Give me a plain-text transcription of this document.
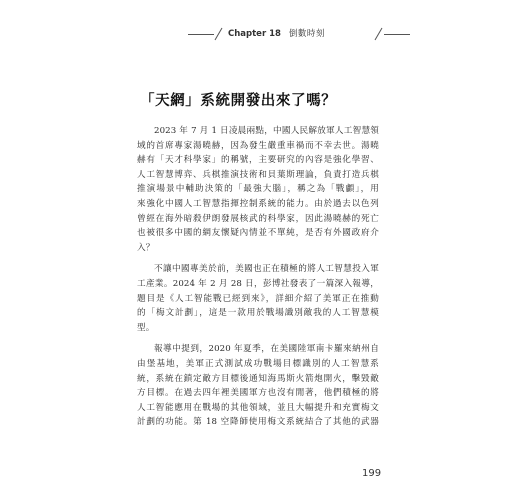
Chapter 18 倒數時刻
「天網」系統開發出來了嗎？

2023 年 7 月 1 日凌晨兩點，中國人民解放軍人工智慧領
域的首席專家湯曉赫，因為發生嚴重車禍而不幸去世。湯曉
赫有「天才科學家」的稱號，主要研究的內容是強化學習、
人工智慧博弈、兵棋推演技術和貝葉斯理論，負責打造兵棋
推演場景中輔助決策的「最強大腦」，稱之為「戰顱」，用
來強化中國人工智慧指揮控制系統的能力。由於過去以色列
曾經在海外暗殺伊朗發展核武的科學家，因此湯曉赫的死亡
也被很多中國的網友懷疑內情並不單純，是否有外國政府介
入？

不讓中國專美於前，美國也正在積極的將人工智慧投入軍
工產業。2024 年 2 月 28 日，彭博社發表了一篇深入報導，
題目是《人工智能戰已經到來》，詳細介紹了美軍正在推動
的「梅文計劃」，這是一款用於戰場識別敵我的人工智慧模
型。

報導中提到，2020 年夏季，在美國陸軍南卡羅來納州自
由堡基地，美軍正式測試成功戰場目標識別的人工智慧系
統，系統在鎖定敵方目標後通知海馬斯火箭炮開火，擊毀敵
方目標。在過去四年裡美國軍方也沒有閒著，他們積極的將
人工智能應用在戰場的其他領域，並且大幅提升和充實梅文
計劃的功能。第 18 空降師使用梅文系統結合了其他的武器

199
